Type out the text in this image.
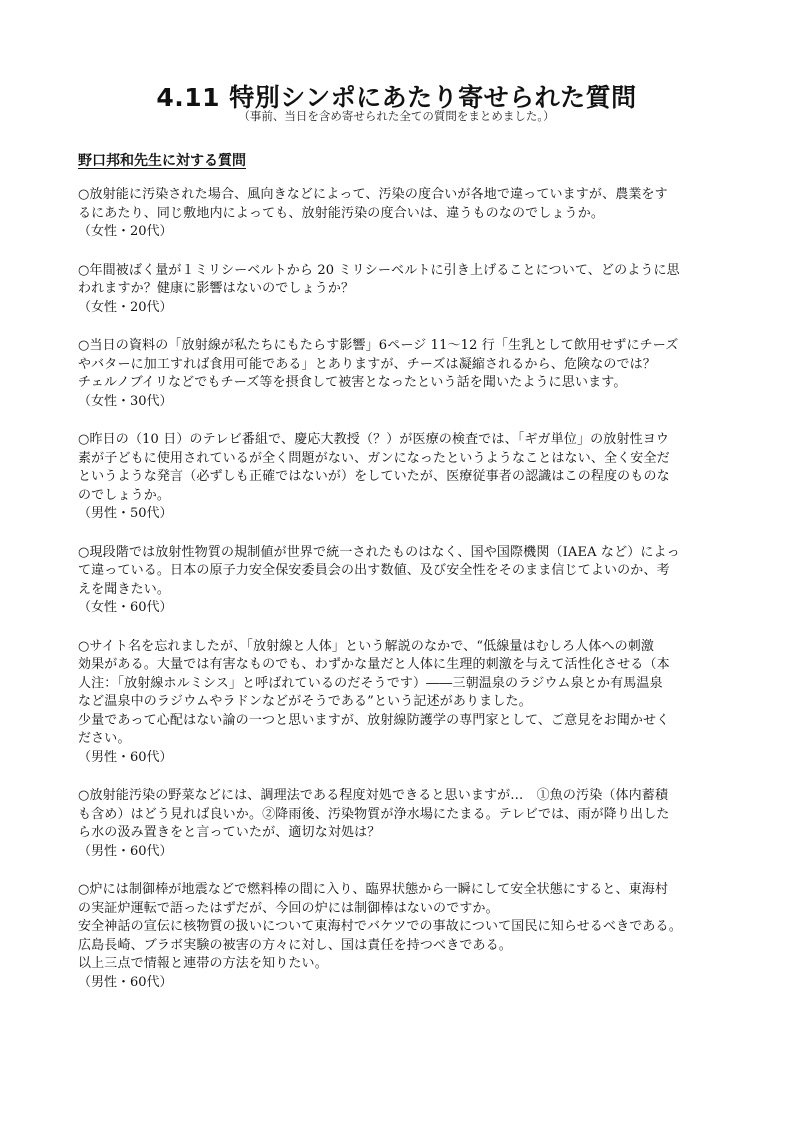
4.11 特別シンポにあたり寄せられた質問

（事前、当日を含め寄せられた全ての質問をまとめました。）

野口邦和先生に対する質問
○放射能に汚染された場合、風向きなどによって、汚染の度合いが各地で違っていますが、農業をす
るにあたり、同じ敷地内によっても、放射能汚染の度合いは、違うものなのでしょうか。
（女性・20代）
○年間被ばく量が１ミリシーベルトから 20 ミリシーベルトに引き上げることについて、どのように思
われますか？健康に影響はないのでしょうか？
（女性・20代）
○当日の資料の「放射線が私たちにもたらす影響」6ページ 11～12 行「生乳として飲用せずにチーズ
やバターに加工すれば食用可能である」とありますが、チーズは凝縮されるから、危険なのでは？
チェルノブイリなどでもチーズ等を摂食して被害となったという話を聞いたように思います。
（女性・30代）
○昨日の（10 日）のテレビ番組で、慶応大教授（？）が医療の検査では、「ギガ単位」の放射性ヨウ
素が子どもに使用されているが全く問題がない、ガンになったというようなことはない、全く安全だ
というような発言（必ずしも正確ではないが）をしていたが、医療従事者の認識はこの程度のものな
のでしょうか。
（男性・50代）
○現段階では放射性物質の規制値が世界で統一されたものはなく、国や国際機関（IAEA など）によっ
て違っている。日本の原子力安全保安委員会の出す数値、及び安全性をそのまま信じてよいのか、考
えを聞きたい。
（女性・60代）
○サイト名を忘れましたが、「放射線と人体」という解説のなかで、“低線量はむしろ人体への刺激
効果がある。大量では有害なものでも、わずかな量だと人体に生理的刺激を与えて活性化させる（本
人注：「放射線ホルミシス」と呼ばれているのだそうです）――三朝温泉のラジウム泉とか有馬温泉
など温泉中のラジウムやラドンなどがそうである”という記述がありました。
少量であって心配はない論の一つと思いますが、放射線防護学の専門家として、ご意見をお聞かせく
ださい。
（男性・60代）
○放射能汚染の野菜などには、調理法である程度対処できると思いますが…　①魚の汚染（体内蓄積
も含め）はどう見れば良いか。②降雨後、汚染物質が浄水場にたまる。テレビでは、雨が降り出した
ら水の汲み置きをと言っていたが、適切な対処は？
（男性・60代）
○炉には制御棒が地震などで燃料棒の間に入り、臨界状態から一瞬にして安全状態にすると、東海村
の実証炉運転で語ったはずだが、今回の炉には制御棒はないのですか。
安全神話の宣伝に核物質の扱いについて東海村でバケツでの事故について国民に知らせるべきである。
広島長崎、ブラボ実験の被害の方々に対し、国は責任を持つべきである。
以上三点で情報と連帯の方法を知りたい。
（男性・60代）
